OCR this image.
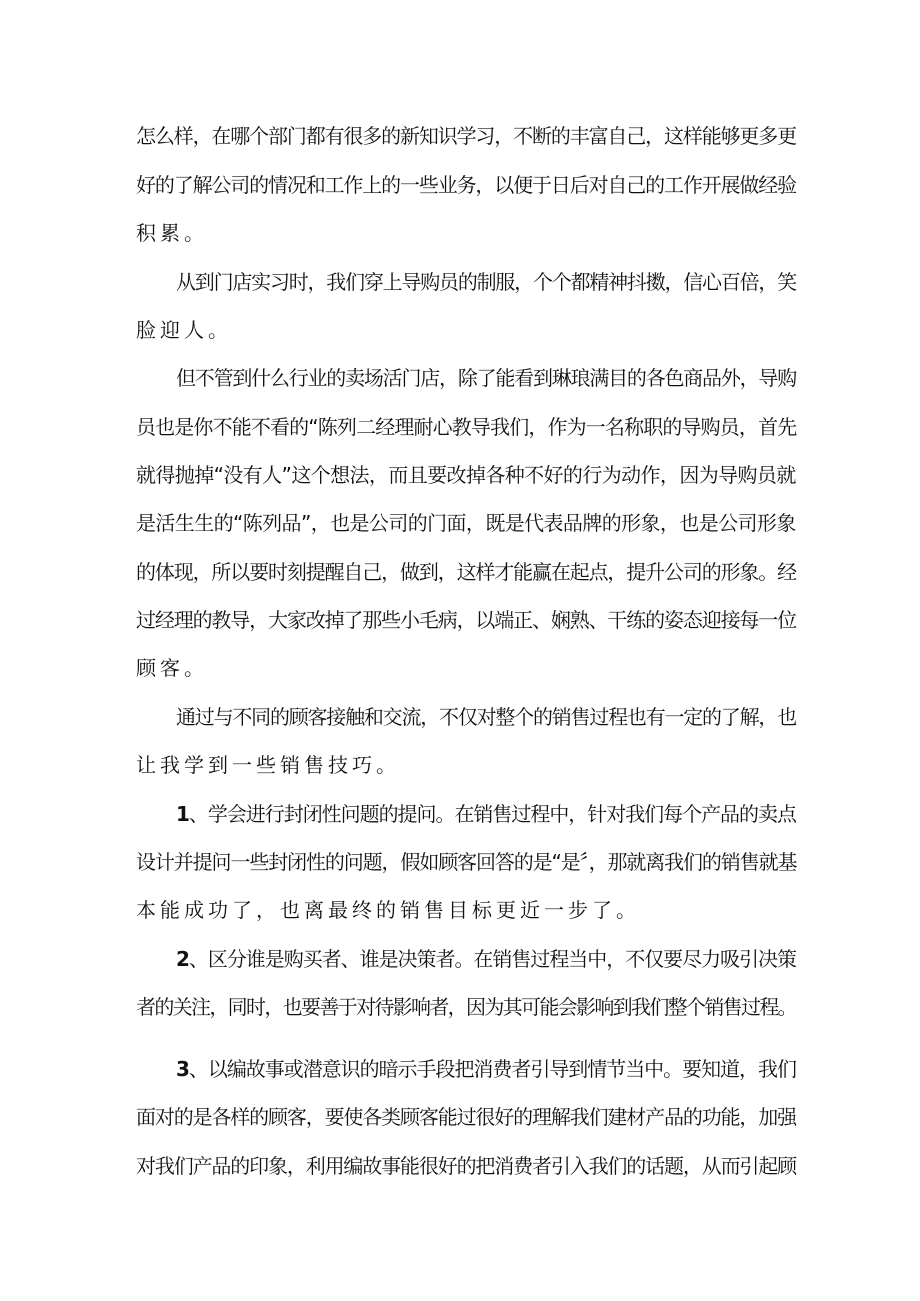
怎么样，在哪个部门都有很多的新知识学习，不断的丰富自己，这样能够更多更
好的了解公司的情况和工作上的一些业务，以便于日后对自己的工作开展做经验
积累。
从到门店实习时，我们穿上导购员的制服，个个都精神抖擞，信心百倍，笑
脸迎人。
但不管到什么行业的卖场活门店，除了能看到琳琅满目的各色商品外，导购
员也是你不能不看的“陈列二经理耐心教导我们，作为一名称职的导购员，首先
就得抛掉“没有人”这个想法，而且要改掉各种不好的行为动作，因为导购员就
是活生生的“陈列品”，也是公司的门面，既是代表品牌的形象，也是公司形象
的体现，所以要时刻提醒自己，做到，这样才能赢在起点，提升公司的形象。经
过经理的教导，大家改掉了那些小毛病，以端正、娴熟、干练的姿态迎接每一位
顾客。
通过与不同的顾客接触和交流，不仅对整个的销售过程也有一定的了解，也
让我学到一些销售技巧。
1、学会进行封闭性问题的提问。在销售过程中，针对我们每个产品的卖点
设计并提问一些封闭性的问题，假如顾客回答的是“是〞，那就离我们的销售就基
本能成功了，也离最终的销售目标更近一步了。
2、区分谁是购买者、谁是决策者。在销售过程当中，不仅要尽力吸引决策
者的关注，同时，也要善于对待影响者，因为其可能会影响到我们整个销售过程。
3、以编故事或潜意识的暗示手段把消费者引导到情节当中。要知道，我们
面对的是各样的顾客，要使各类顾客能过很好的理解我们建材产品的功能，加强
对我们产品的印象，利用编故事能很好的把消费者引入我们的话题，从而引起顾
